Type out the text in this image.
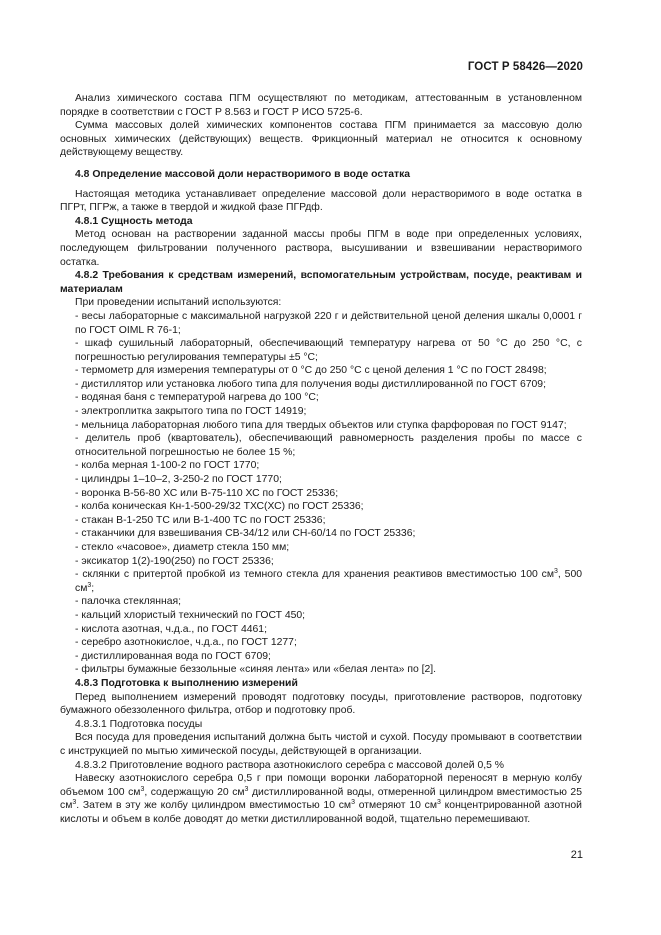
ГОСТ Р 58426—2020

Анализ химического состава ПГМ осуществляют по методикам, аттестованным в установленном порядке в соответствии с ГОСТ Р 8.563 и ГОСТ Р ИСО 5725-6.

Сумма массовых долей химических компонентов состава ПГМ принимается за массовую долю основных химических (действующих) веществ. Фрикционный материал не относится к основному действующему веществу.

4.8 Определение массовой доли нерастворимого в воде остатка

Настоящая методика устанавливает определение массовой доли нерастворимого в воде остатка в ПГРт, ПГРж, а также в твердой и жидкой фазе ПГРдф.

4.8.1 Сущность метода

Метод основан на растворении заданной массы пробы ПГМ в воде при определенных условиях, последующем фильтровании полученного раствора, высушивании и взвешивании нерастворимого остатка.

4.8.2 Требования к средствам измерений, вспомогательным устройствам, посуде, реактивам и материалам

При проведении испытаний используются:

- весы лабораторные с максимальной нагрузкой 220 г и действительной ценой деления шкалы 0,0001 г по ГОСТ OIML R 76-1;

- шкаф сушильный лабораторный, обеспечивающий температуру нагрева от 50 °С до 250 °С, с погрешностью регулирования температуры ±5 °С;

- термометр для измерения температуры от 0 °С до 250 °С с ценой деления 1 °С по ГОСТ 28498;

- дистиллятор или установка любого типа для получения воды дистиллированной по ГОСТ 6709;

- водяная баня с температурой нагрева до 100 °С;

- электроплитка закрытого типа по ГОСТ 14919;

- мельница лабораторная любого типа для твердых объектов или ступка фарфоровая по ГОСТ 9147;

- делитель проб (квартователь), обеспечивающий равномерность разделения пробы по массе с относительной погрешностью не более 15 %;

- колба мерная 1-100-2 по ГОСТ 1770;

- цилиндры 1–10–2, 3-250-2 по ГОСТ 1770;

- воронка В-56-80 ХС или В-75-110 ХС по ГОСТ 25336;

- колба коническая Кн-1-500-29/32 ТХС(ХС) по ГОСТ 25336;

- стакан В-1-250 ТС или В-1-400 ТС по ГОСТ 25336;

- стаканчики для взвешивания СВ-34/12 или СН-60/14 по ГОСТ 25336;

- стекло «часовое», диаметр стекла 150 мм;

- эксикатор 1(2)-190(250) по ГОСТ 25336;

- склянки с притертой пробкой из темного стекла для хранения реактивов вместимостью 100 $см^3$, 500 $см^3$;

- палочка стеклянная;

- кальций хлористый технический по ГОСТ 450;

- кислота азотная, ч.д.а., по ГОСТ 4461;

- серебро азотнокислое, ч.д.а., по ГОСТ 1277;

- дистиллированная вода по ГОСТ 6709;

- фильтры бумажные беззольные «синяя лента» или «белая лента» по [2].

4.8.3 Подготовка к выполнению измерений

Перед выполнением измерений проводят подготовку посуды, приготовление растворов, подготовку бумажного обеззоленного фильтра, отбор и подготовку проб.

4.8.3.1 Подготовка посуды

Вся посуда для проведения испытаний должна быть чистой и сухой. Посуду промывают в соответствии с инструкцией по мытью химической посуды, действующей в организации.

4.8.3.2 Приготовление водного раствора азотнокислого серебра с массовой долей 0,5 %

Навеску азотнокислого серебра 0,5 г при помощи воронки лабораторной переносят в мерную колбу объемом 100 $см^3$, содержащую 20 $см^3$ дистиллированной воды, отмеренной цилиндром вместимостью 25 $см^3$. Затем в эту же колбу цилиндром вместимостью 10 $см^3$ отмеряют 10 $см^3$ концентрированной азотной кислоты и объем в колбе доводят до метки дистиллированной водой, тщательно перемешивают.

21
